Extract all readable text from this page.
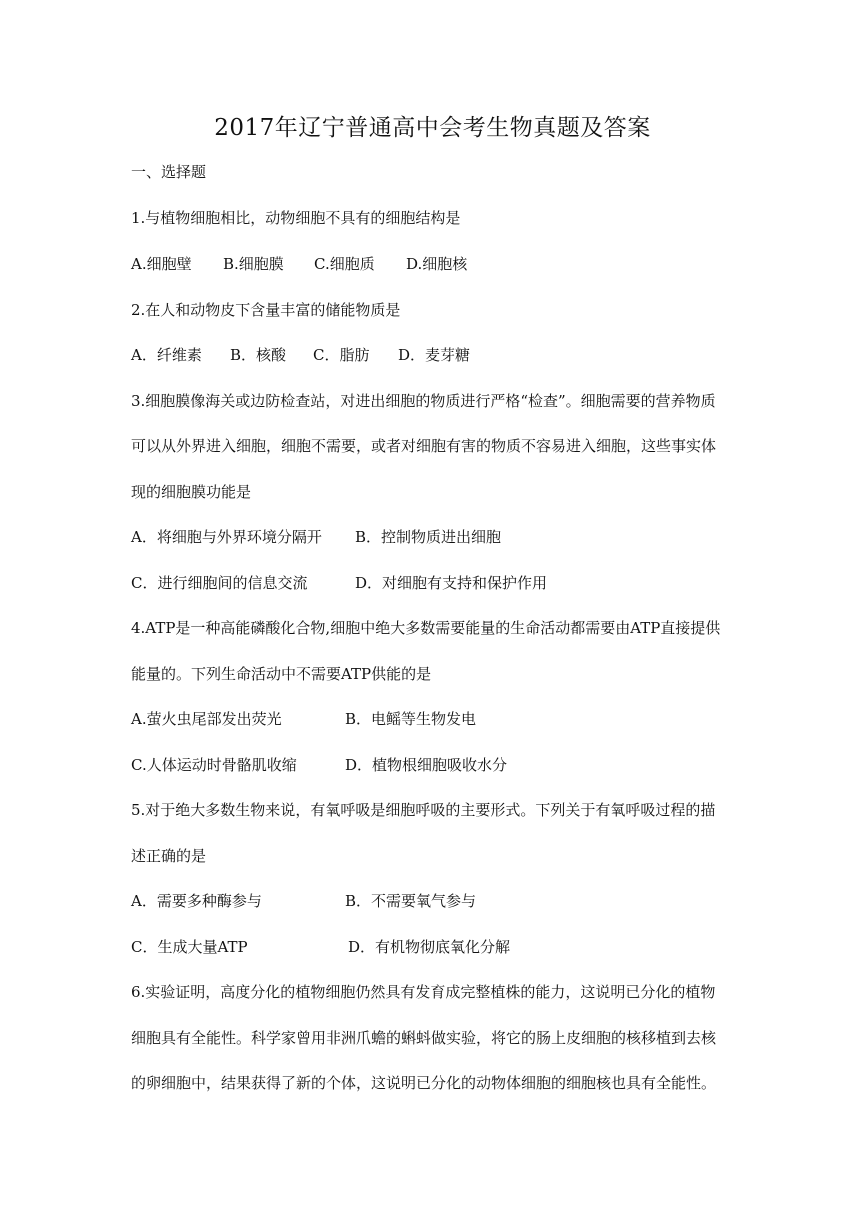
2017年辽宁普通高中会考生物真题及答案
一、选择题
1.与植物细胞相比，动物细胞不具有的细胞结构是
A.细胞壁 B.细胞膜 C.细胞质 D.细胞核
2.在人和动物皮下含量丰富的储能物质是
A．纤维素 B．核酸 C．脂肪 D．麦芽糖
3.细胞膜像海关或边防检查站，对进出细胞的物质进行严格“检查”。细胞需要的营养物质
可以从外界进入细胞，细胞不需要，或者对细胞有害的物质不容易进入细胞，这些事实体
现的细胞膜功能是
A．将细胞与外界环境分隔开 B．控制物质进出细胞
C．进行细胞间的信息交流	D．对细胞有支持和保护作用
4.ATP是一种高能磷酸化合物,细胞中绝大多数需要能量的生命活动都需要由ATP直接提供
能量的。下列生命活动中不需要ATP供能的是
A.萤火虫尾部发出荧光	B．电鳐等生物发电
C.人体运动时骨骼肌收缩	D．植物根细胞吸收水分
5.对于绝大多数生物来说，有氧呼吸是细胞呼吸的主要形式。下列关于有氧呼吸过程的描
述正确的是
A．需要多种酶参与	B．不需要氧气参与
C．生成大量ATP	D．有机物彻底氧化分解
6.实验证明，高度分化的植物细胞仍然具有发育成完整植株的能力，这说明已分化的植物
细胞具有全能性。科学家曾用非洲爪蟾的蝌蚪做实验，将它的肠上皮细胞的核移植到去核
的卵细胞中，结果获得了新的个体，这说明已分化的动物体细胞的细胞核也具有全能性。
